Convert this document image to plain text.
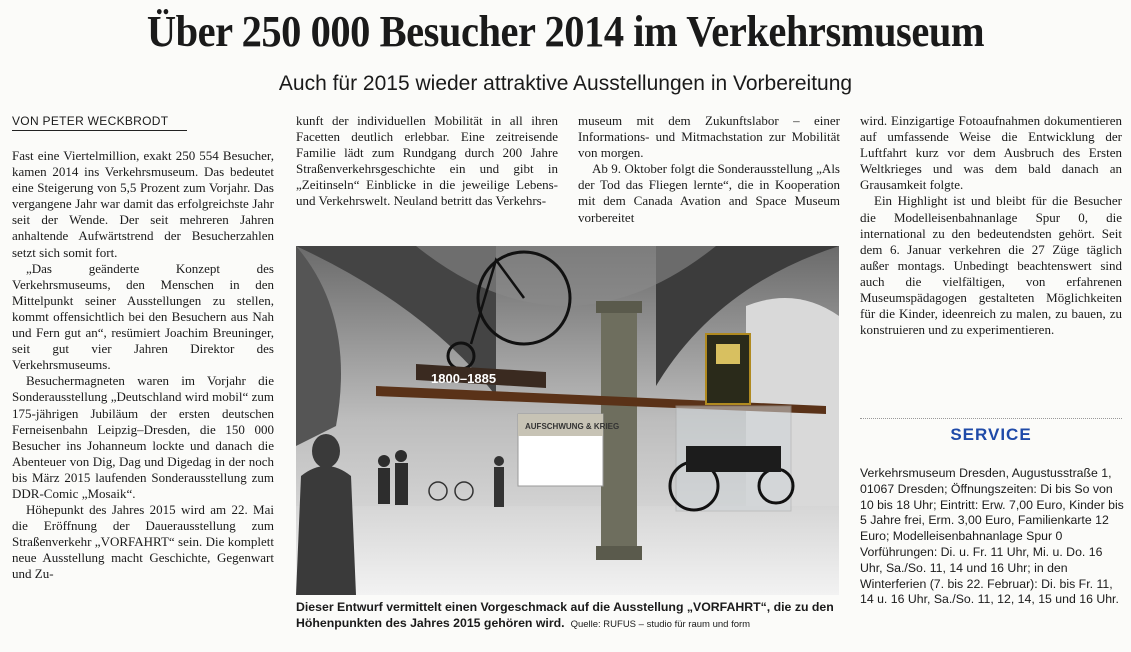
Über 250 000 Besucher 2014 im Verkehrsmuseum
Auch für 2015 wieder attraktive Ausstellungen in Vorbereitung
VON PETER WECKBRODT

Fast eine Viertelmillion, exakt 250 554 Besucher, kamen 2014 ins Verkehrsmuseum. Das bedeutet eine Steigerung von 5,5 Prozent zum Vorjahr. Das vergangene Jahr war damit das erfolgreichste Jahr seit der Wende. Der seit mehreren Jahren anhaltende Aufwärtstrend der Besucherzahlen setzt sich somit fort.

„Das geänderte Konzept des Verkehrsmuseums, den Menschen in den Mittelpunkt seiner Ausstellungen zu stellen, kommt offensichtlich bei den Besuchern aus Nah und Fern gut an“, resümiert Joachim Breuninger, seit gut vier Jahren Direktor des Verkehrsmuseums.

Besuchermagneten waren im Vorjahr die Sonderausstellung „Deutschland wird mobil“ zum 175-jährigen Jubiläum der ersten deutschen Ferneisenbahn Leipzig–Dresden, die 150 000 Besucher ins Johanneum lockte und danach die Abenteuer von Dig, Dag und Digedag in der noch bis März 2015 laufenden Sonderausstellung zum DDR-Comic „Mosaik“.

Höhepunkt des Jahres 2015 wird am 22. Mai die Eröffnung der Dauerausstellung zum Straßenverkehr „VORFAHRT“ sein. Die komplett neue Ausstellung macht Geschichte, Gegenwart und Zu-

kunft der individuellen Mobilität in all ihren Facetten deutlich erlebbar. Eine zeitreisende Familie lädt zum Rundgang durch 200 Jahre Straßenverkehrsgeschichte ein und gibt in „Zeitinseln“ Einblicke in die jeweilige Lebens- und Verkehrswelt. Neuland betritt das Verkehrs-

museum mit dem Zukunftslabor – einer Informations- und Mitmachstation zur Mobilität von morgen.

Ab 9. Oktober folgt die Sonderausstellung „Als der Tod das Fliegen lernte“, die in Kooperation mit dem Canada Avation and Space Museum vorbereitet

wird. Einzigartige Fotoaufnahmen dokumentieren auf umfassende Weise die Entwicklung der Luftfahrt kurz vor dem Ausbruch des Ersten Weltkrieges und was dem bald danach an Grausamkeit folgte.

Ein Highlight ist und bleibt für die Besucher die Modelleisenbahnanlage Spur 0, die international zu den bedeutendsten gehört. Seit dem 6. Januar verkehren die 27 Züge täglich außer montags. Unbedingt beachtenswert sind auch die vielfältigen, von erfahrenen Museumspädagogen gestalteten Möglichkeiten für die Kinder, ideenreich zu malen, zu bauen, zu konstruieren und zu experimentieren.

1800–1885
AUFSCHWUNG & KRIEG
Dieser Entwurf vermittelt einen Vorgeschmack auf die Ausstellung „VORFAHRT“, die zu den Höhenpunkten des Jahres 2015 gehören wird. Quelle: RUFUS – studio für raum und form
SERVICE
Verkehrsmuseum Dresden, Augustusstraße 1, 01067 Dresden; Öffnungszeiten: Di bis So von 10 bis 18 Uhr; Eintritt: Erw. 7,00 Euro, Kinder bis 5 Jahre frei, Erm. 3,00 Euro, Familienkarte 12 Euro; Modelleisenbahnanlage Spur 0 Vorführungen: Di. u. Fr. 11 Uhr, Mi. u. Do. 16 Uhr, Sa./So. 11, 14 und 16 Uhr; in den Winterferien (7. bis 22. Februar): Di. bis Fr. 11, 14 u. 16 Uhr, Sa./So. 11, 12, 14, 15 und 16 Uhr.
